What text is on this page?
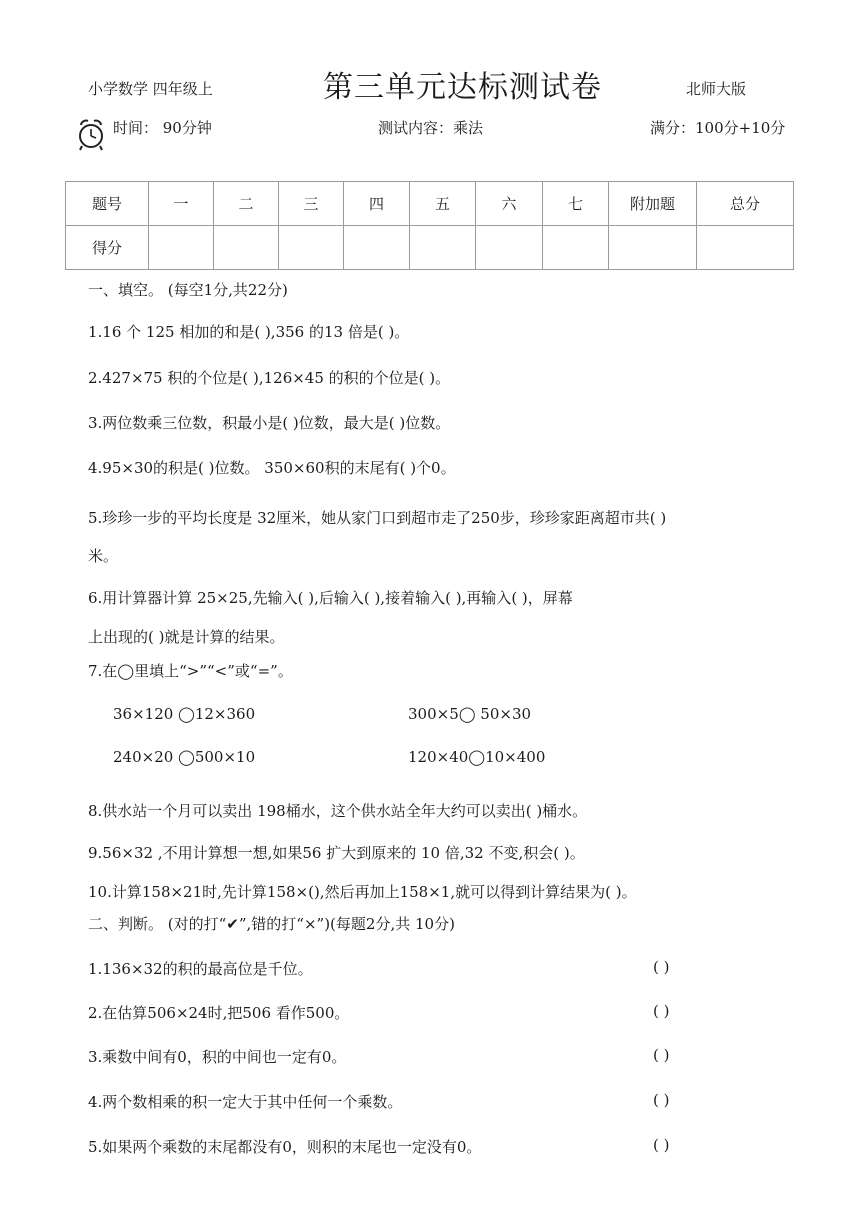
小学数学 四年级上	第三单元达标测试卷	北师大版
时间： 90分钟	测试内容：乘法	满分：100分+10分
题号	一	二	三	四	五	六	七	附加题	总分
得分									
一、填空。 (每空1分,共22分)
1.16 个 125 相加的和是( ),356 的13 倍是( )。
2.427×75 积的个位是( ),126×45 的积的个位是( )。
3.两位数乘三位数，积最小是( )位数，最大是( )位数。
4.95×30的积是( )位数。 350×60积的末尾有( )个0。
5.珍珍一步的平均长度是 32厘米，她从家门口到超市走了250步，珍珍家距离超市共( )
米。
6.用计算器计算 25×25,先输入( ),后输入( ),接着输入( ),再输入( )，屏幕
上出现的( )就是计算的结果。
7.在◯里填上“>”“<”或“=”。
36×120 ◯12×360	300×5◯ 50×30
240×20 ◯500×10	120×40◯10×400
8.供水站一个月可以卖出 198桶水，这个供水站全年大约可以卖出( )桶水。
9.56×32 ,不用计算想一想,如果56 扩大到原来的 10 倍,32 不变,积会( )。
10.计算158×21时,先计算158×(),然后再加上158×1,就可以得到计算结果为( )。
二、判断。 (对的打“✔”,错的打“×”)(每题2分,共 10分)
1.136×32的积的最高位是千位。	( )
2.在估算506×24时,把506 看作500。	( )
3.乘数中间有0，积的中间也一定有0。	( )
4.两个数相乘的积一定大于其中任何一个乘数。	( )
5.如果两个乘数的末尾都没有0，则积的末尾也一定没有0。	( )
